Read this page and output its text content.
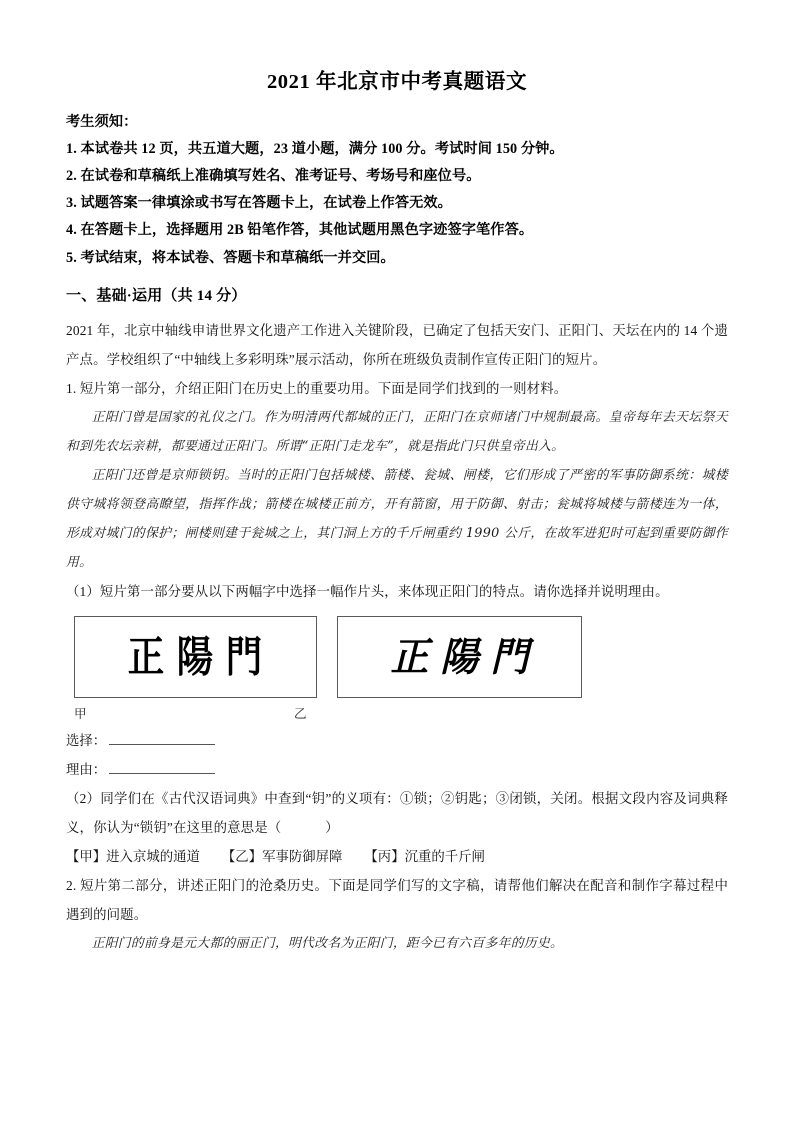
2021 年北京市中考真题语文

考生须知：

1. 本试卷共 12 页，共五道大题，23 道小题，满分 100 分。考试时间 150 分钟。

2. 在试卷和草稿纸上准确填写姓名、准考证号、考场号和座位号。

3. 试题答案一律填涂或书写在答题卡上，在试卷上作答无效。

4. 在答题卡上，选择题用 2B 铅笔作答，其他试题用黑色字迹签字笔作答。

5. 考试结束，将本试卷、答题卡和草稿纸一并交回。

一、基础·运用（共 14 分）

2021 年，北京中轴线申请世界文化遗产工作进入关键阶段，已确定了包括天安门、正阳门、天坛在内的 14 个遗产点。学校组织了“中轴线上多彩明珠”展示活动，你所在班级负责制作宣传正阳门的短片。

1. 短片第一部分，介绍正阳门在历史上的重要功用。下面是同学们找到的一则材料。

正阳门曾是国家的礼仪之门。作为明清两代都城的正门，正阳门在京师诸门中规制最高。皇帝每年去天坛祭天和到先农坛亲耕，都要通过正阳门。所谓“正阳门走龙车”，就是指此门只供皇帝出入。

正阳门还曾是京师锁钥。当时的正阳门包括城楼、箭楼、瓮城、闸楼，它们形成了严密的军事防御系统：城楼供守城将领登高瞭望，指挥作战；箭楼在城楼正前方，开有箭窗，用于防御、射击；瓮城将城楼与箭楼连为一体，形成对城门的保护；闸楼则建于瓮城之上，其门洞上方的千斤闸重约 1990 公斤，在故军进犯时可起到重要防御作用。

（1）短片第一部分要从以下两幅字中选择一幅作片头，来体现正阳门的特点。请你选择并说明理由。

正陽門	正陽門
甲	乙

选择：

理由：

（2）同学们在《古代汉语词典》中查到“钥”的义项有：①锁；②钥匙；③闭锁，关闭。根据文段内容及词典释义，你认为“锁钥”在这里的意思是（	）

【甲】进入京城的通道 【乙】军事防御屏障 【丙】沉重的千斤闸

2. 短片第二部分，讲述正阳门的沧桑历史。下面是同学们写的文字稿，请帮他们解决在配音和制作字幕过程中遇到的问题。

正阳门的前身是元大都的丽正门，明代改名为正阳门，距今已有六百多年的历史。
